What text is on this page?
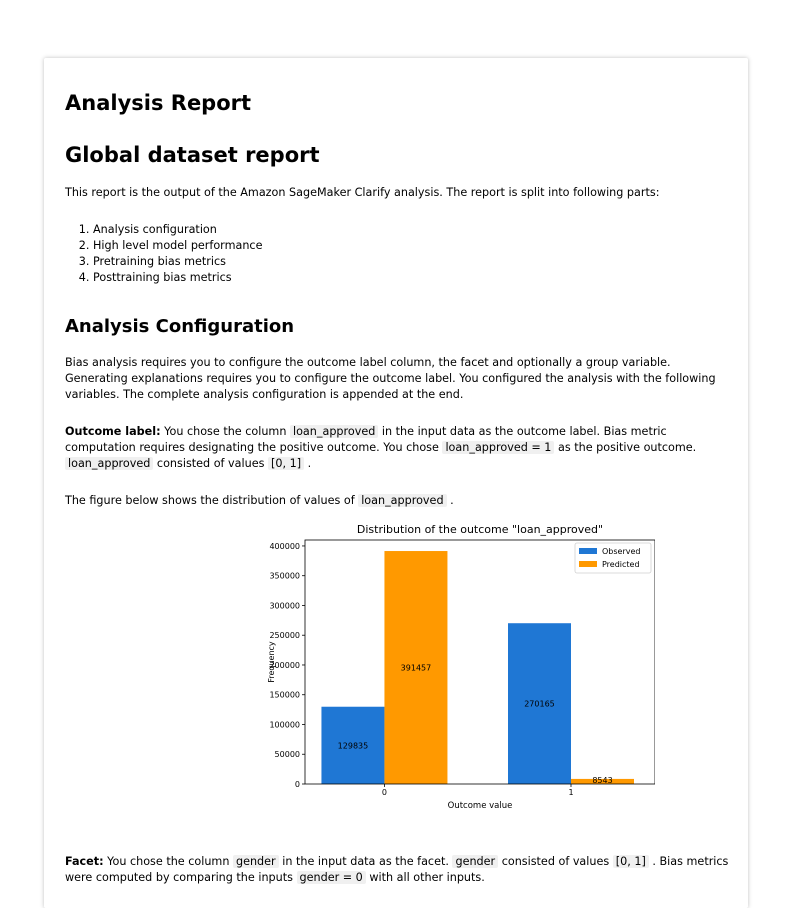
Analysis Report
Global dataset report

This report is the output of the Amazon SageMaker Clarify analysis. The report is split into following parts:

1. Analysis configuration
2. High level model performance
3. Pretraining bias metrics
4. Posttraining bias metrics
Analysis Configuration

Bias analysis requires you to configure the outcome label column, the facet and optionally a group variable. Generating explanations requires you to configure the outcome label. You configured the analysis with the following variables. The complete analysis configuration is appended at the end.

Outcome label: You chose the column loan_approved in the input data as the outcome label. Bias metric computation requires designating the positive outcome. You chose loan_approved = 1 as the positive outcome. loan_approved consisted of values [0, 1] .

The figure below shows the distribution of values of loan_approved .

Distribution of the outcome "loan_approved"
129835
391457
0
270165
8543
1
0
50000
100000
150000
200000
250000
300000
350000
400000
Outcome value
Frequency
Observed
Predicted

Facet: You chose the column gender in the input data as the facet. gender consisted of values [0, 1] . Bias metrics were computed by comparing the inputs gender = 0 with all other inputs.
